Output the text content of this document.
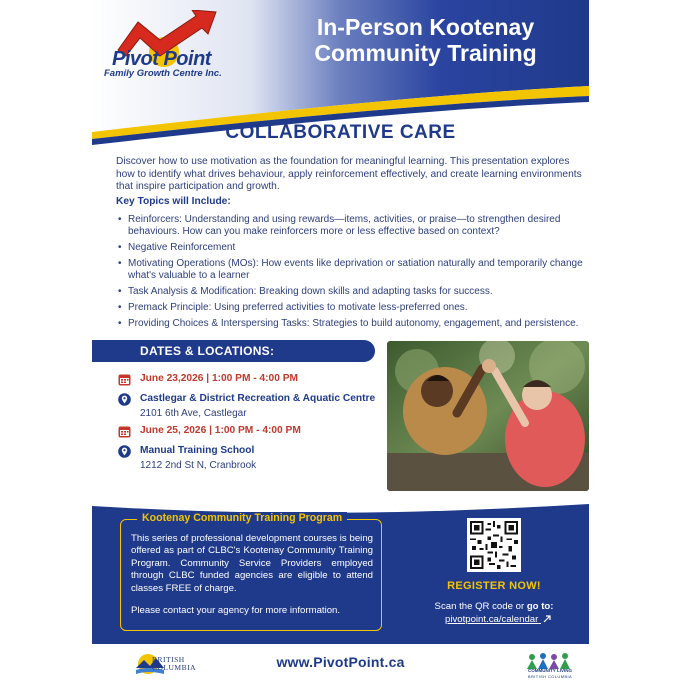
Pivot Point
Family Growth Centre Inc.
In-Person Kootenay
Community Training
COLLABORATIVE CARE

Discover how to use motivation as the foundation for meaningful learning. This presentation explores how to identify what drives behaviour, apply reinforcement effectively, and create learning environments that inspire participation and growth.

Key Topics will Include:
• Reinforcers: Understanding and using rewards—items, activities, or praise—to strengthen desired behaviours. How can you make reinforcers more or less effective based on context?
• Negative Reinforcement
• Motivating Operations (MOs): How events like deprivation or satiation naturally and temporarily change what's valuable to a learner
• Task Analysis & Modification: Breaking down skills and adapting tasks for success.
• Premack Principle: Using preferred activities to motivate less-preferred ones.
• Providing Choices & Interspersing Tasks: Strategies to build autonomy, engagement, and persistence.
DATES & LOCATIONS:
June 23,2026 | 1:00 PM - 4:00 PM
Castlegar & District Recreation & Aquatic Centre
2101 6th Ave, Castlegar
June 25, 2026 | 1:00 PM - 4:00 PM
Manual Training School
1212 2nd St N, Cranbrook
Kootenay Community Training Program

This series of professional development courses is being offered as part of CLBC's Kootenay Community Training Program. Community Service Providers employed through CLBC funded agencies are eligible to attend classes FREE of charge.

Please contact your agency for more information.
REGISTER NOW!
Scan the QR code or go to:
pivotpoint.ca/calendar
BRITISH
COLUMBIA	www.PivotPoint.ca
COMMUNITY LIVING
BRITISH COLUMBIA
